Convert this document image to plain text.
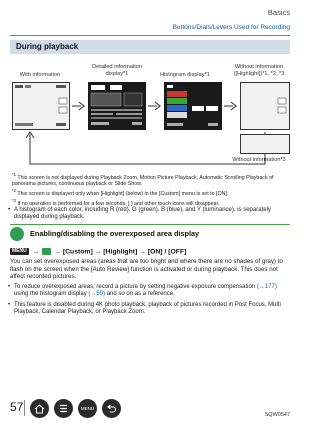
Basics
Buttons/Dials/Levers Used for Recording
During playback
With information
Detailed information display*1	Histogram display*1
Without information ([Highlight])*1, *2, *3
Without information*3
$^{*1}$ This screen is not displayed during Playback Zoom, Motion Picture Playback, Automatic Scrolling Playback of panorama pictures, continuous playback or Slide Show.
$^{*2}$ This screen is displayed only when [Highlight] (below) in the [Custom] menu is set to [ON].
$^{*3}$ If no operation is performed for a few seconds, [ ] and other touch icons will disappear.
• A histogram of each color, including R (red), G (green), B (blue), and Y (luminance), is separately displayed during playback.
Enabling/disabling the overexposed area display
MENU →  → [Custom] → [Highlight] → [ON] / [OFF]
You can set overexposed areas (areas that are too bright and where there are no shades of gray) to flash on the screen when the [Auto Review] function is activated or during playback. This does not affect recorded pictures.
• To reduce overexposed areas, record a picture by setting negative exposure compensation (→177) using the histogram display (→55) and so on as a reference.
• This feature is disabled during 4K photo playback, playback of pictures recorded in Post Focus, Multi Playback, Calendar Playback, or Playback Zoom.
57	MENU
SQW0547
